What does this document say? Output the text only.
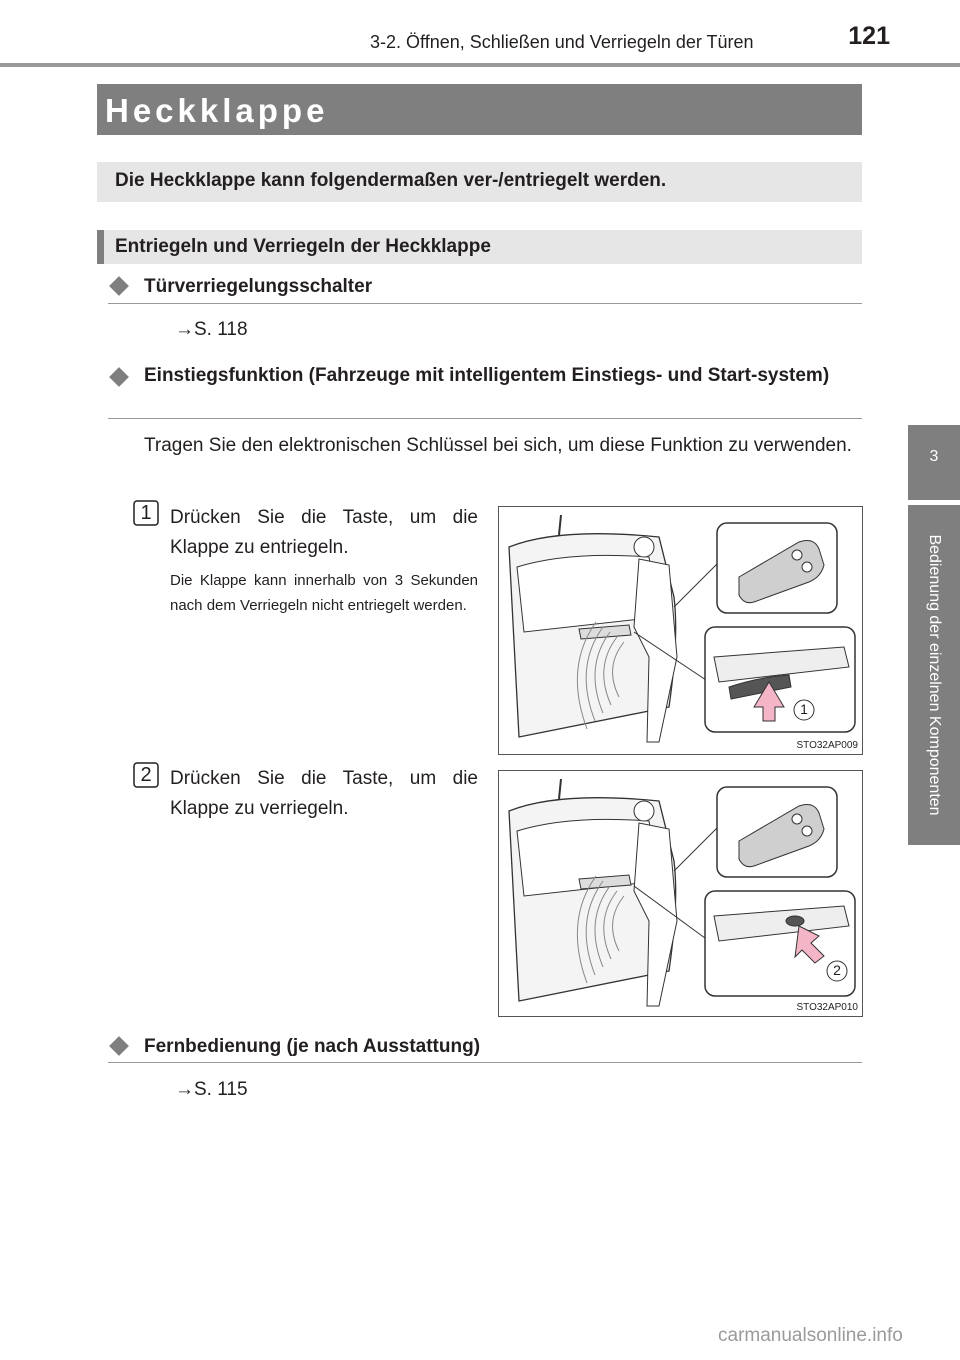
3-2. Öffnen, Schließen und Verriegeln der Türen	121
3
Bedienung der einzelnen Komponenten
Heckklappe
Die Heckklappe kann folgendermaßen ver-/entriegelt werden.
Entriegeln und Verriegeln der Heckklappe
Türverriegelungsschalter
→S. 118
Einstiegsfunktion (Fahrzeuge mit intelligentem Einstiegs- und Start-system)
Tragen Sie den elektronischen Schlüssel bei sich, um diese Funktion zu verwenden.
1 Drücken Sie die Taste, um die Klappe zu entriegeln.
Die Klappe kann innerhalb von 3 Sekunden nach dem Verriegeln nicht entriegelt werden.
1
STO32AP009
2 Drücken Sie die Taste, um die Klappe zu verriegeln.
2
STO32AP010
Fernbedienung (je nach Ausstattung)
→S. 115
carmanualsonline.info
